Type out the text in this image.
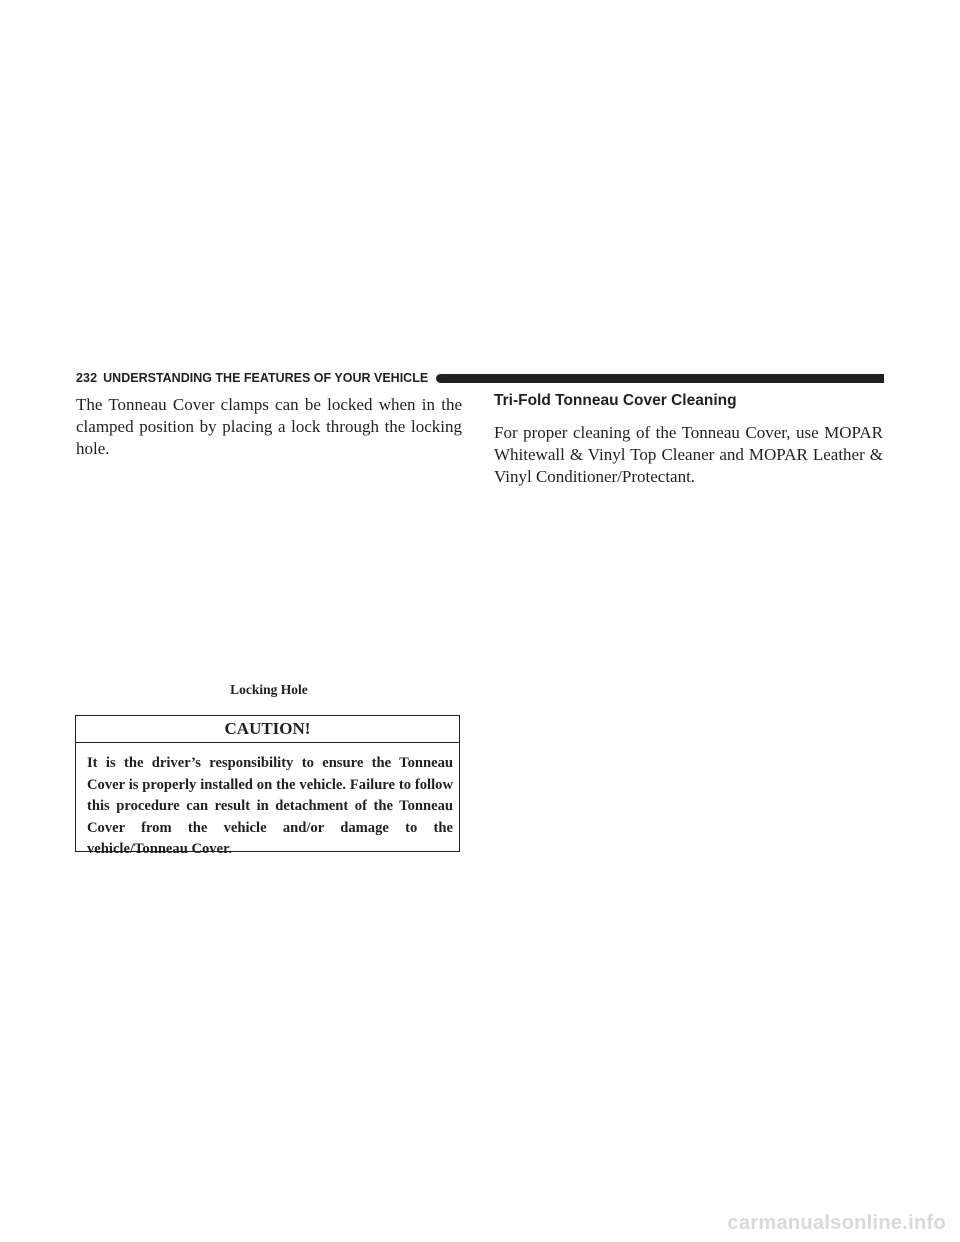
232 UNDERSTANDING THE FEATURES OF YOUR VEHICLE

The Tonneau Cover clamps can be locked when in the clamped position by placing a lock through the locking hole.

Locking Hole
CAUTION!
It is the driver’s responsibility to ensure the Tonneau Cover is properly installed on the vehicle. Failure to follow this procedure can result in detachment of the Tonneau Cover from the vehicle and/or damage to the vehicle/Tonneau Cover.
Tri-Fold Tonneau Cover Cleaning

For proper cleaning of the Tonneau Cover, use MOPAR Whitewall & Vinyl Top Cleaner and MOPAR Leather & Vinyl Conditioner/Protectant.

carmanualsonline.info
